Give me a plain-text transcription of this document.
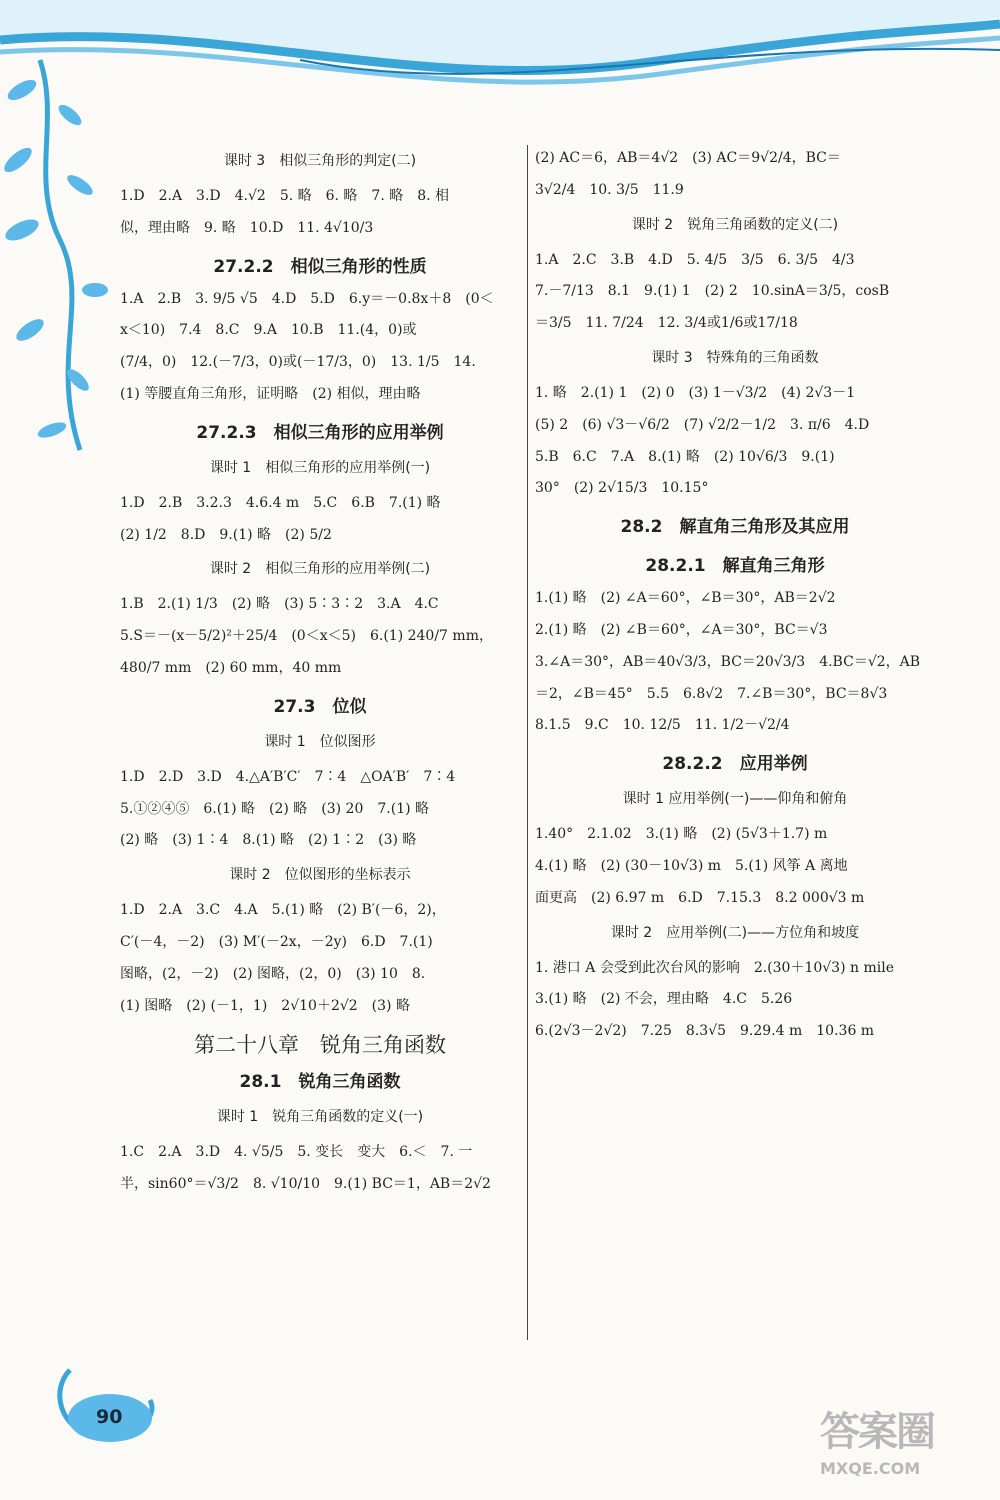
课时 3　相似三角形的判定(二)
1.D　2.A　3.D　4.√2　5. 略　6. 略　7. 略　8. 相
似，理由略　9. 略　10.D　11. 4√10/3
27.2.2　相似三角形的性质
1.A　2.B　3. 9/5 √5　4.D　5.D　6.y＝－0.8x＋8　(0＜
x＜10)　7.4　8.C　9.A　10.B　11.(4，0)或
(7/4，0)　12.(－7/3，0)或(－17/3，0)　13. 1/5　14.
(1) 等腰直角三角形，证明略　(2) 相似，理由略
27.2.3　相似三角形的应用举例
课时 1　相似三角形的应用举例(一)
1.D　2.B　3.2.3　4.6.4 m　5.C　6.B　7.(1) 略
(2) 1/2　8.D　9.(1) 略　(2) 5/2
课时 2　相似三角形的应用举例(二)
1.B　2.(1) 1/3　(2) 略　(3) 5∶3∶2　3.A　4.C
5.S＝－(x－5/2)²＋25/4　(0＜x＜5)　6.(1) 240/7 mm，
480/7 mm　(2) 60 mm，40 mm
27.3　位似
课时 1　位似图形
1.D　2.D　3.D　4.△A′B′C′　7∶4　△OA′B′　7∶4
5.①②④⑤　6.(1) 略　(2) 略　(3) 20　7.(1) 略
(2) 略　(3) 1∶4　8.(1) 略　(2) 1∶2　(3) 略
课时 2　位似图形的坐标表示
1.D　2.A　3.C　4.A　5.(1) 略　(2) B′(－6，2)，
C′(－4，－2)　(3) M′(－2x，－2y)　6.D　7.(1)
图略，(2，－2)　(2) 图略，(2，0)　(3) 10　8.
(1) 图略　(2) (－1，1)　2√10＋2√2　(3) 略
第二十八章　锐角三角函数
28.1　锐角三角函数
课时 1　锐角三角函数的定义(一)
1.C　2.A　3.D　4. √5/5　5. 变长　变大　6.＜　7. 一
半，sin60°＝√3/2　8. √10/10　9.(1) BC＝1，AB＝2√2
(2) AC＝6，AB＝4√2　(3) AC＝9√2/4，BC＝
3√2/4　10. 3/5　11.9
课时 2　锐角三角函数的定义(二)
1.A　2.C　3.B　4.D　5. 4/5　3/5　6. 3/5　4/3
7.－7/13　8.1　9.(1) 1　(2) 2　10.sinA＝3/5，cosB
＝3/5　11. 7/24　12. 3/4或1/6或17/18
课时 3　特殊角的三角函数
1. 略　2.(1) 1　(2) 0　(3) 1－√3/2　(4) 2√3－1
(5) 2　(6) √3－√6/2　(7) √2/2－1/2　3. π/6　4.D
5.B　6.C　7.A　8.(1) 略　(2) 10√6/3　9.(1)
30°　(2) 2√15/3　10.15°
28.2　解直角三角形及其应用
28.2.1　解直角三角形
1.(1) 略　(2) ∠A＝60°，∠B＝30°，AB＝2√2
2.(1) 略　(2) ∠B＝60°，∠A＝30°，BC＝√3
3.∠A＝30°，AB＝40√3/3，BC＝20√3/3　4.BC＝√2，AB
＝2，∠B＝45°　5.5　6.8√2　7.∠B＝30°，BC＝8√3
8.1.5　9.C　10. 12/5　11. 1/2－√2/4
28.2.2　应用举例
课时 1 应用举例(一)——仰角和俯角
1.40°　2.1.02　3.(1) 略　(2) (5√3＋1.7) m
4.(1) 略　(2) (30－10√3) m　5.(1) 风筝 A 离地
面更高　(2) 6.97 m　6.D　7.15.3　8.2 000√3 m
课时 2　应用举例(二)——方位角和坡度
1. 港口 A 会受到此次台风的影响　2.(30＋10√3) n mile
3.(1) 略　(2) 不会，理由略　4.C　5.26
6.(2√3－2√2)　7.25　8.3√5　9.29.4 m　10.36 m
90	答案圈
MXQE.COM
